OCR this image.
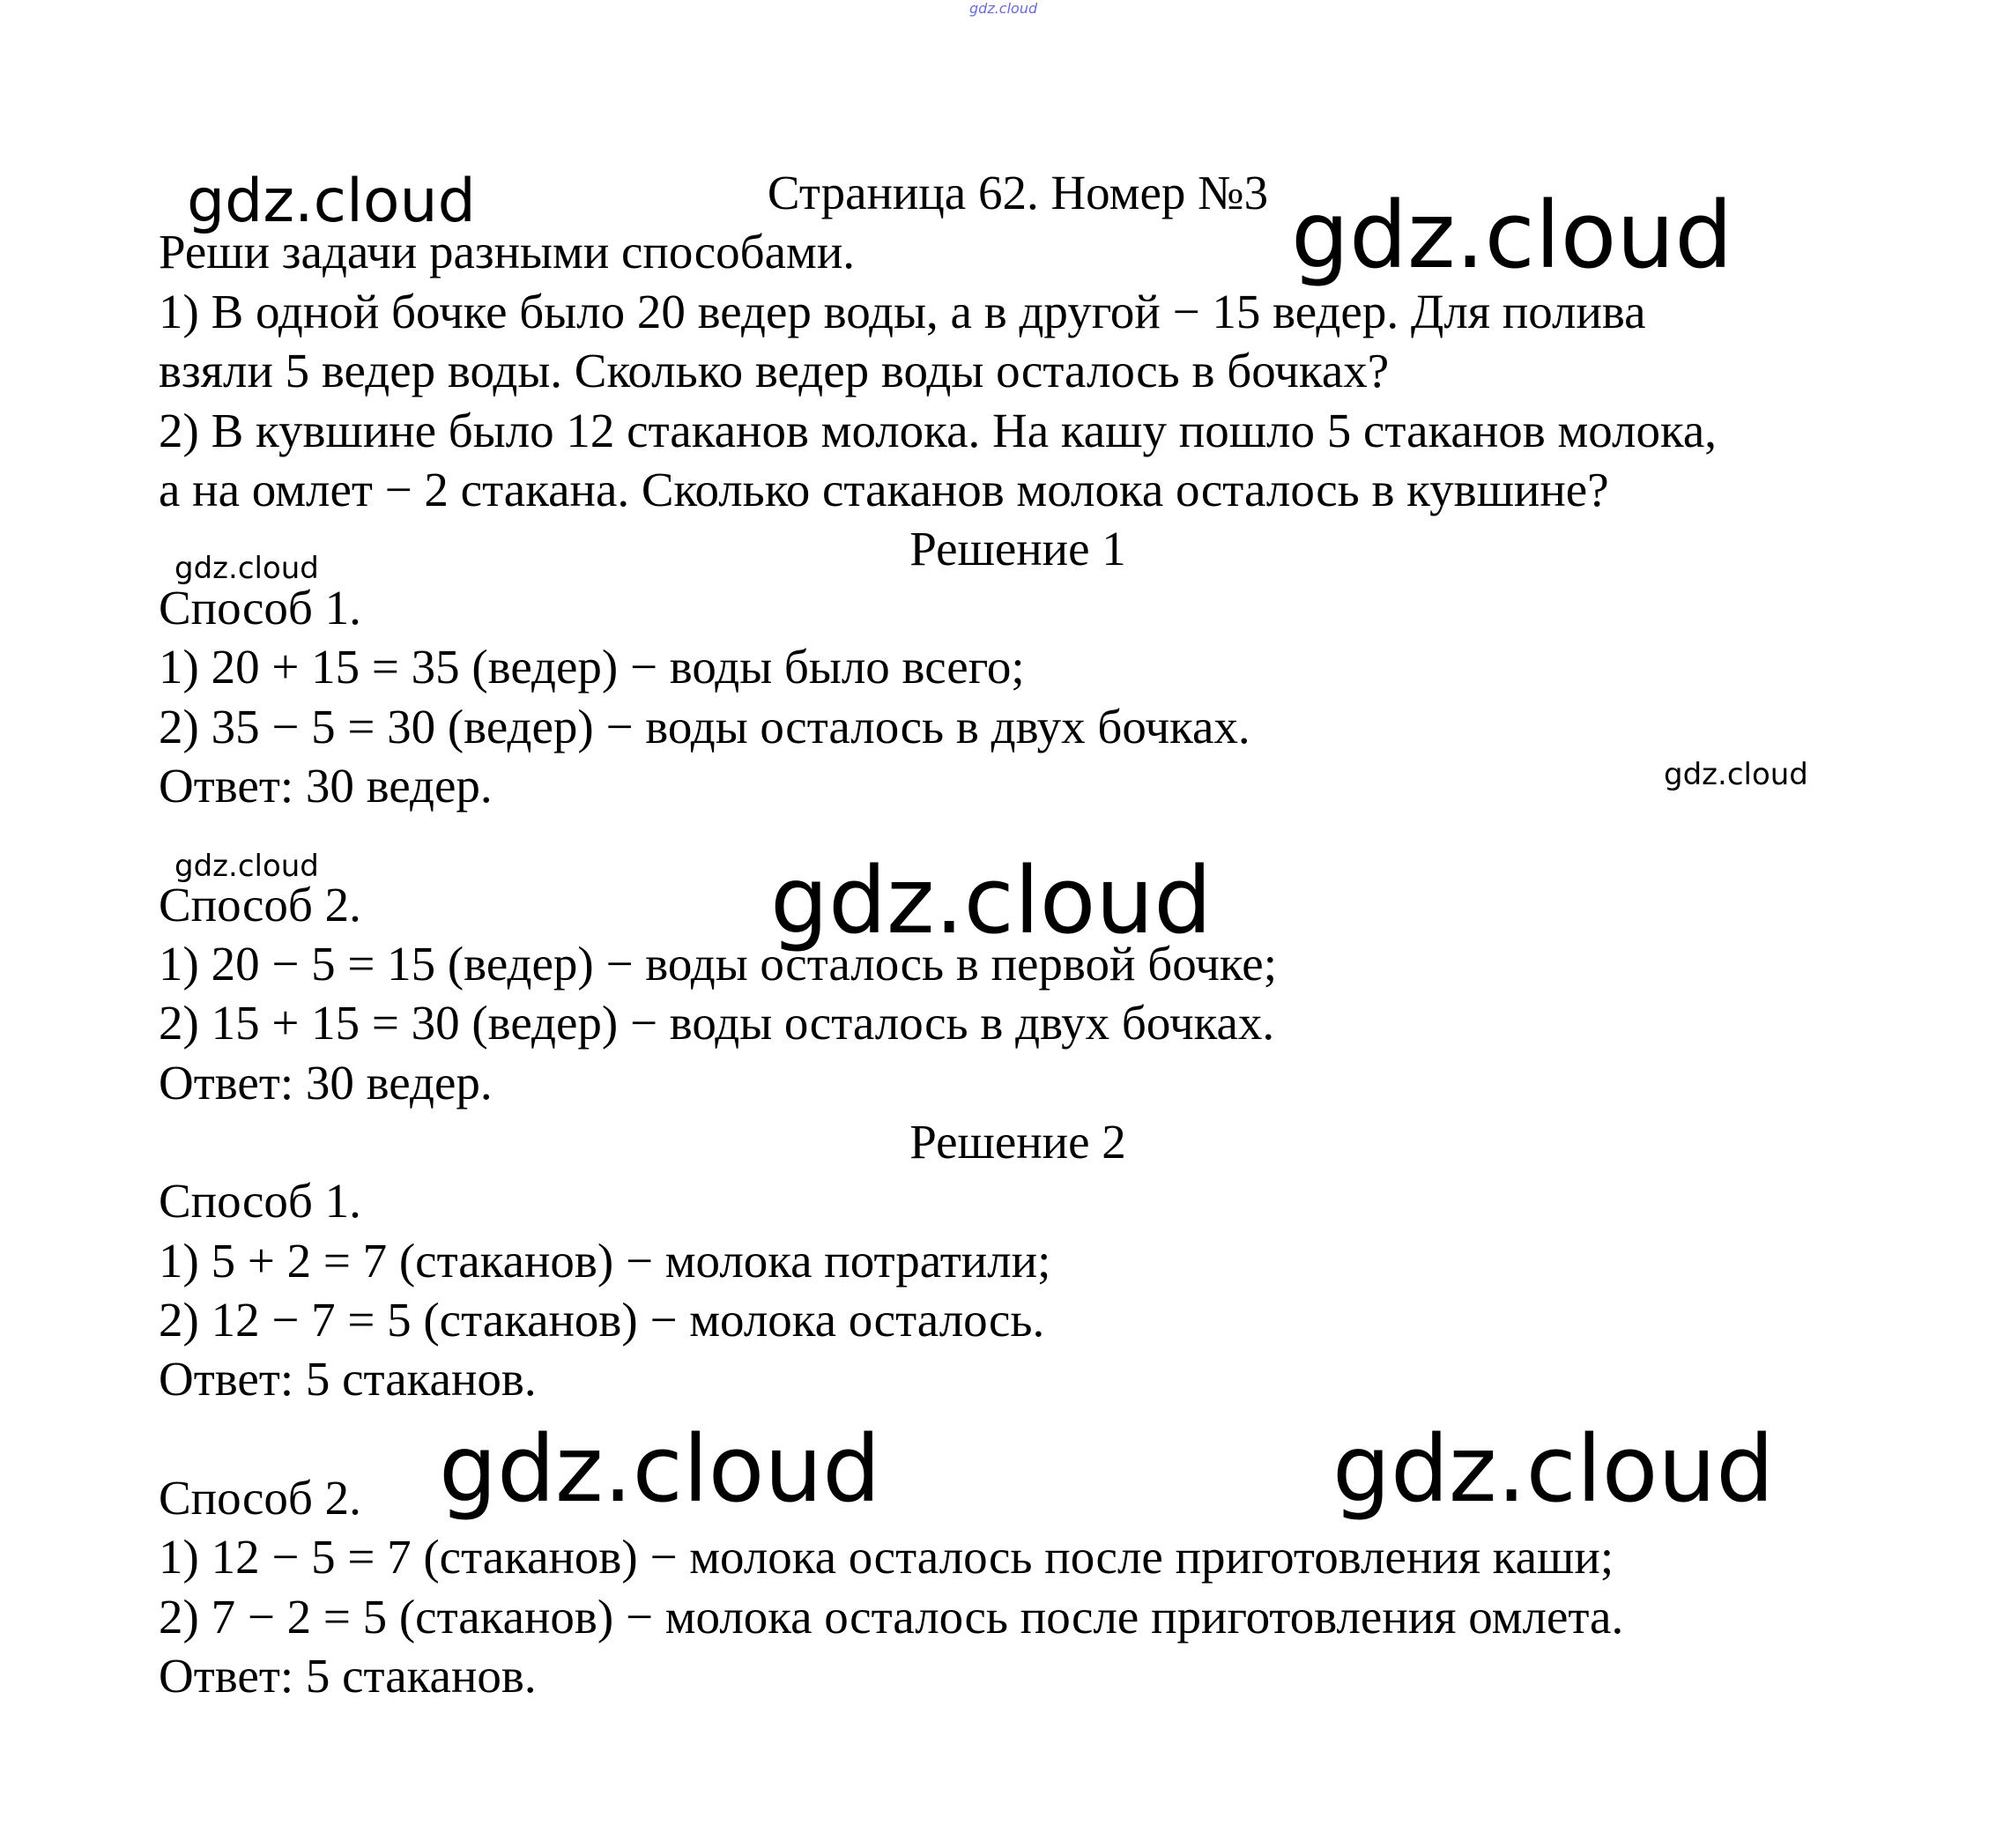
gdz.cloud
gdz.cloud	gdz.cloud
gdz.cloud
gdz.cloud
gdz.cloud	gdz.cloud
gdz.cloud	gdz.cloud
Страница 62. Номер №3
Реши задачи разными способами.
1) В одной бочке было 20 ведер воды, а в другой − 15 ведер. Для полива
взяли 5 ведер воды. Сколько ведер воды осталось в бочках?
2) В кувшине было 12 стаканов молока. На кашу пошло 5 стаканов молока,
а на омлет − 2 стакана. Сколько стаканов молока осталось в кувшине?
Решение 1
Способ 1.
1) 20 + 15 = 35 (ведер) − воды было всего;
2) 35 − 5 = 30 (ведер) − воды осталось в двух бочках.
Ответ: 30 ведер.
Способ 2.
1) 20 − 5 = 15 (ведер) − воды осталось в первой бочке;
2) 15 + 15 = 30 (ведер) − воды осталось в двух бочках.
Ответ: 30 ведер.
Решение 2
Способ 1.
1) 5 + 2 = 7 (стаканов) − молока потратили;
2) 12 − 7 = 5 (стаканов) − молока осталось.
Ответ: 5 стаканов.
Способ 2.
1) 12 − 5 = 7 (стаканов) − молока осталось после приготовления каши;
2) 7 − 2 = 5 (стаканов) − молока осталось после приготовления омлета.
Ответ: 5 стаканов.
